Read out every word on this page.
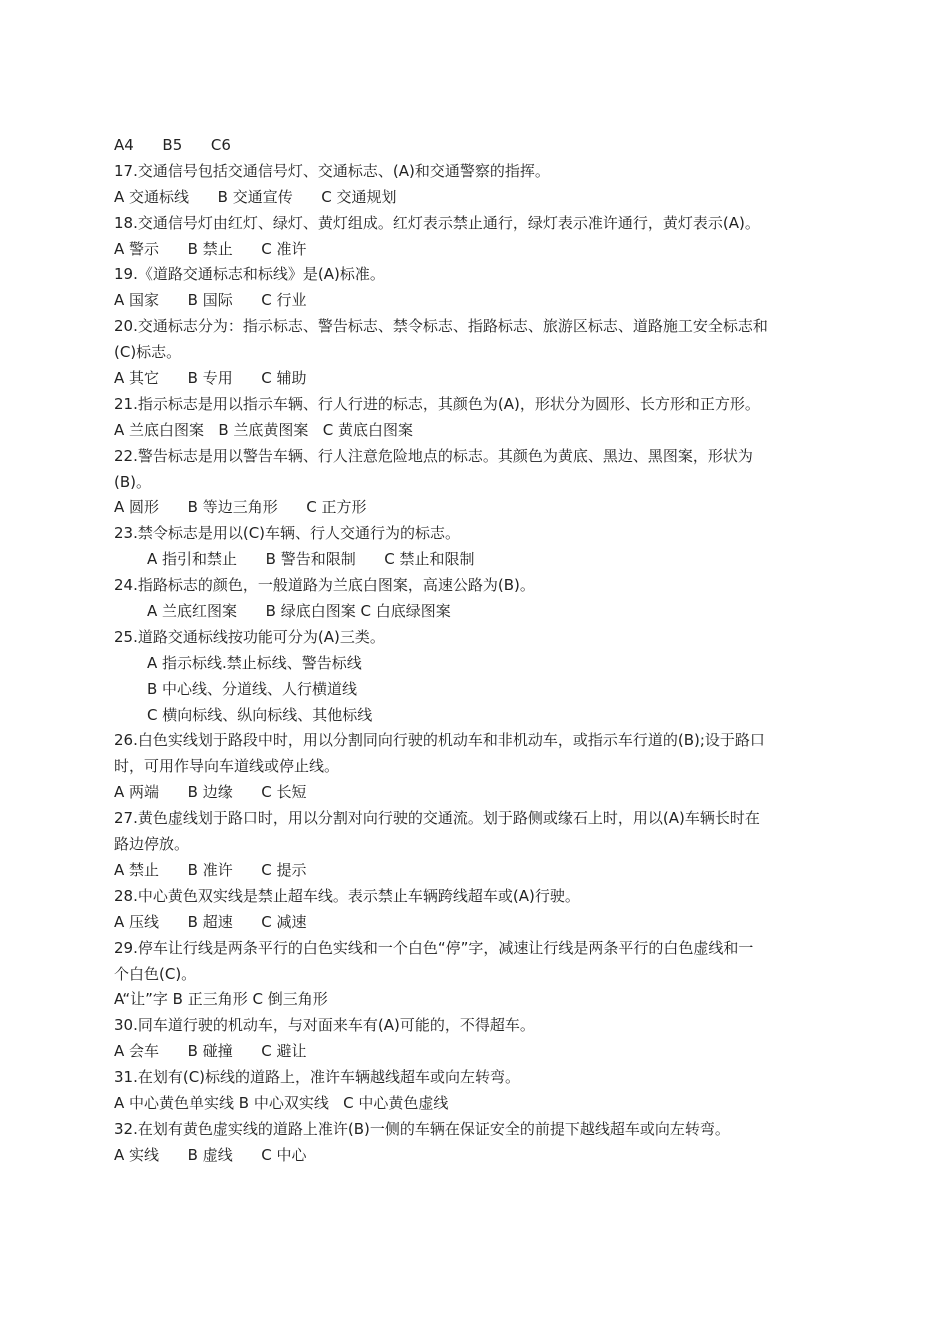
A4      B5      C6

17.交通信号包括交通信号灯、交通标志、(A)和交通警察的指挥。

A 交通标线      B 交通宣传      C 交通规划

18.交通信号灯由红灯、绿灯、黄灯组成。红灯表示禁止通行，绿灯表示准许通行，黄灯表示(A)。

A 警示      B 禁止      C 准许

19.《道路交通标志和标线》是(A)标准。

A 国家      B 国际      C 行业

20.交通标志分为：指示标志、警告标志、禁令标志、指路标志、旅游区标志、道路施工安全标志和

(C)标志。

A 其它      B 专用      C 辅助

21.指示标志是用以指示车辆、行人行进的标志，其颜色为(A)，形状分为圆形、长方形和正方形。

A 兰底白图案   B 兰底黄图案   C 黄底白图案

22.警告标志是用以警告车辆、行人注意危险地点的标志。其颜色为黄底、黑边、黑图案，形状为

(B)。

A 圆形      B 等边三角形      C 正方形

23.禁令标志是用以(C)车辆、行人交通行为的标志。

A 指引和禁止      B 警告和限制      C 禁止和限制

24.指路标志的颜色，一般道路为兰底白图案，高速公路为(B)。

A 兰底红图案      B 绿底白图案 C 白底绿图案

25.道路交通标线按功能可分为(A)三类。

A 指示标线.禁止标线、警告标线

B 中心线、分道线、人行横道线

C 横向标线、纵向标线、其他标线

26.白色实线划于路段中时，用以分割同向行驶的机动车和非机动车，或指示车行道的(B);设于路口

时，可用作导向车道线或停止线。

A 两端      B 边缘      C 长短

27.黄色虚线划于路口时，用以分割对向行驶的交通流。划于路侧或缘石上时，用以(A)车辆长时在

路边停放。

A 禁止      B 准许      C 提示

28.中心黄色双实线是禁止超车线。表示禁止车辆跨线超车或(A)行驶。

A 压线      B 超速      C 减速

29.停车让行线是两条平行的白色实线和一个白色“停”字，减速让行线是两条平行的白色虚线和一

个白色(C)。

A“让”字 B 正三角形 C 倒三角形

30.同车道行驶的机动车，与对面来车有(A)可能的，不得超车。

A 会车      B 碰撞      C 避让

31.在划有(C)标线的道路上，准许车辆越线超车或向左转弯。

A 中心黄色单实线 B 中心双实线   C 中心黄色虚线

32.在划有黄色虚实线的道路上准许(B)一侧的车辆在保证安全的前提下越线超车或向左转弯。

A 实线      B 虚线      C 中心
